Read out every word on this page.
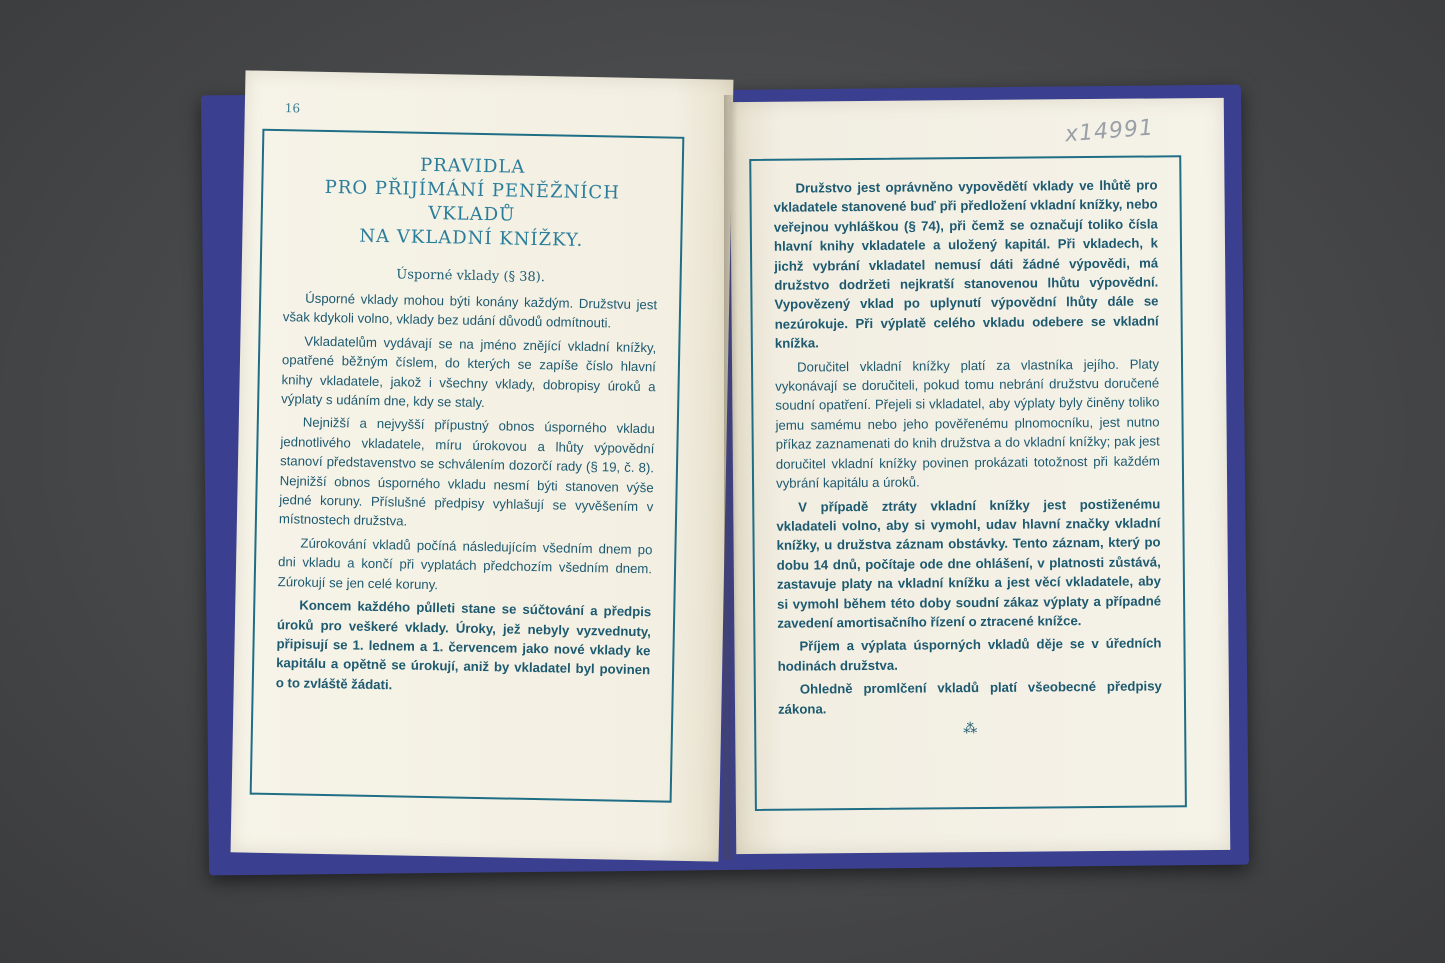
16
PRAVIDLA
PRO PŘIJÍMÁNÍ PENĚŽNÍCH VKLADŮ
NA VKLADNÍ KNÍŽKY.
Úsporné vklady (§ 38).

Úsporné vklady mohou býti konány každým. Družstvu jest však kdykoli volno, vklady bez udání důvodů odmítnouti.

Vkladatelům vydávají se na jméno znějící vkladní knížky, opatřené běžným číslem, do kterých se zapíše číslo hlavní knihy vkladatele, jakož i všechny vklady, dobropisy úroků a výplaty s udáním dne, kdy se staly.

Nejnižší a nejvyšší přípustný obnos úsporného vkladu jednotlivého vkladatele, míru úrokovou a lhůty výpovědní stanoví představenstvo se schválením dozorčí rady (§ 19, č. 8). Nejnižší obnos úsporného vkladu nesmí býti stanoven výše jedné koruny. Příslušné předpisy vyhlašují se vyvěšením v místnostech družstva.

Zúrokování vkladů počíná následujícím všedním dnem po dni vkladu a končí při vyplatách předchozím všedním dnem. Zúrokují se jen celé koruny.

Koncem každého půlleti stane se súčtování a předpis úroků pro veškeré vklady. Úroky, jež nebyly vyzvednuty, připisují se 1. lednem a 1. červencem jako nové vklady ke kapitálu a opětně se úrokují, aniž by vkladatel byl povinen o to zvláště žádati.

x14991

Družstvo jest oprávněno vypovědětí vklady ve lhůtě pro vkladatele stanovené buď při předložení vkladní knížky, nebo veřejnou vyhláškou (§ 74), při čemž se označují toliko čísla hlavní knihy vkladatele a uložený kapitál. Při vkladech, k jichž vybrání vkladatel nemusí dáti žádné výpovědi, má družstvo dodržeti nejkratší stanovenou lhůtu výpovědní. Vypovězený vklad po uplynutí výpovědní lhůty dále se nezúrokuje. Při výplatě celého vkladu odebere se vkladní knížka.

Doručitel vkladní knížky platí za vlastníka jejího. Platy vykonávají se doručiteli, pokud tomu nebrání družstvu doručené soudní opatření. Přejeli si vkladatel, aby výplaty byly činěny toliko jemu samému nebo jeho pověřenému plnomocníku, jest nutno příkaz zaznamenati do knih družstva a do vkladní knížky; pak jest doručitel vkladní knížky povinen prokázati totožnost při každém vybrání kapitálu a úroků.

V případě ztráty vkladní knížky jest postiženému vkladateli volno, aby si vymohl, udav hlavní značky vkladní knížky, u družstva záznam obstávky. Tento záznam, který po dobu 14 dnů, počítaje ode dne ohlášení, v platnosti zůstává, zastavuje platy na vkladní knížku a jest věcí vkladatele, aby si vymohl během této doby soudní zákaz výplaty a případné zavedení amortisačního řízení o ztracené knížce.

Příjem a výplata úsporných vkladů děje se v úředních hodinách družstva.

Ohledně promlčení vkladů platí všeobecné předpisy zákona.

⁂
